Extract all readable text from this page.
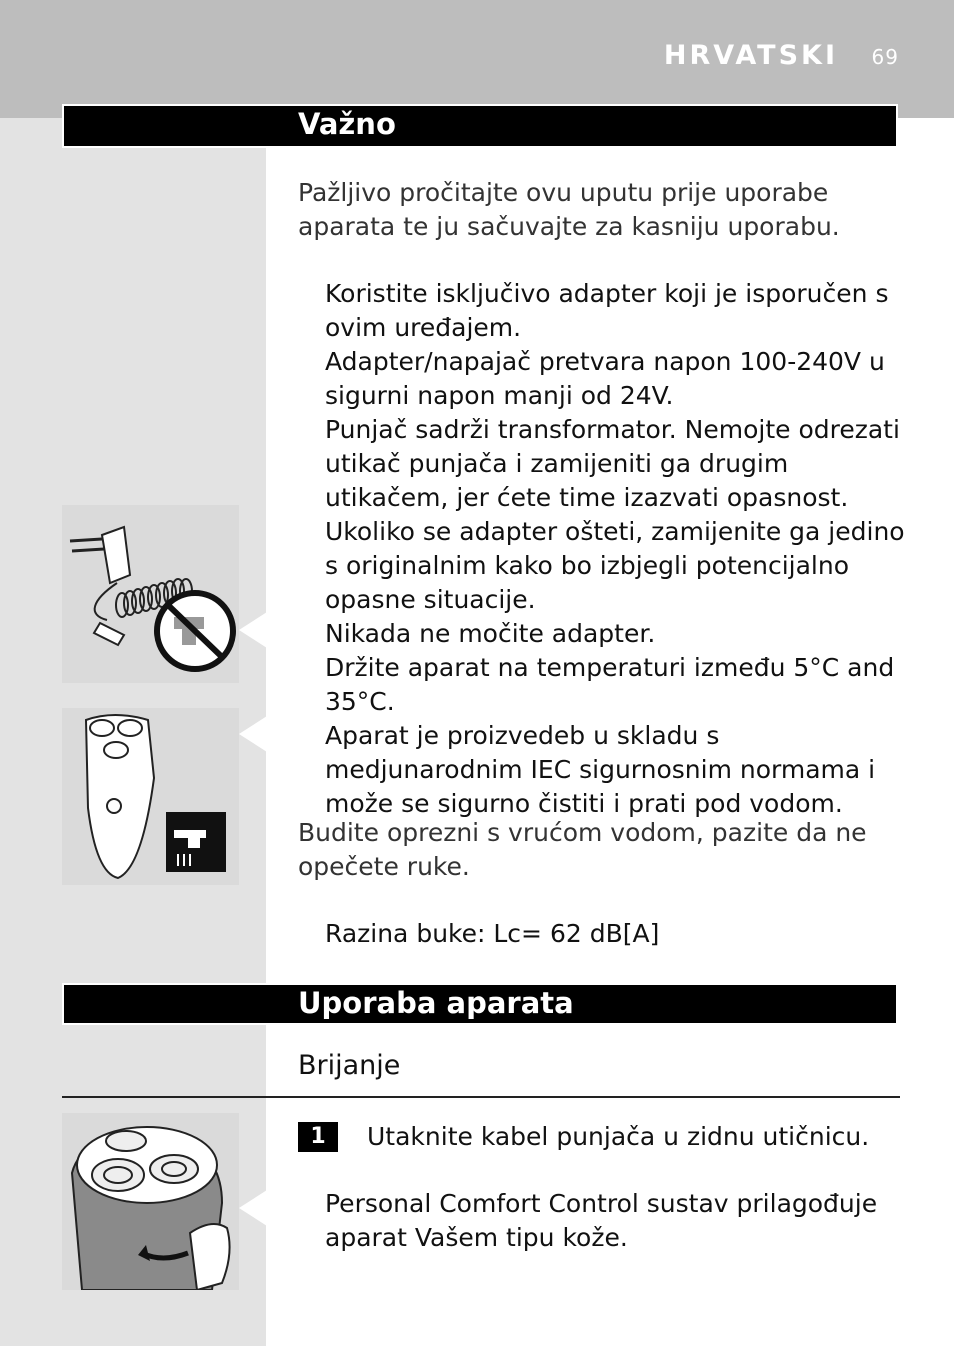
HRVATSKI 69
Važno
Pažljivo pročitajte ovu uputu prije uporabe aparata te ju sačuvajte za kasniju uporabu.
Koristite isključivo adapter koji je isporučen s ovim uređajem.
Adapter/napajač pretvara napon 100-240V u sigurni napon manji od 24V.
Punjač sadrži transformator. Nemojte odrezati utikač punjača i zamijeniti ga drugim utikačem, jer ćete time izazvati opasnost.
Ukoliko se adapter ošteti, zamijenite ga jedino s originalnim kako bo izbjegli potencijalno opasne situacije.
Nikada ne močite adapter.
Držite aparat na temperaturi između 5°C and 35°C.
Aparat je proizvedeb u skladu s medjunarodnim IEC sigurnosnim normama i može se sigurno čistiti i prati pod vodom.
Budite oprezni s vrućom vodom, pazite da ne opečete ruke.
Razina buke: Lc= 62 dB[A]
Uporaba aparata
Brijanje
1	Utaknite kabel punjača u zidnu utičnicu.
Personal Comfort Control sustav prilagođuje aparat Vašem tipu kože.
